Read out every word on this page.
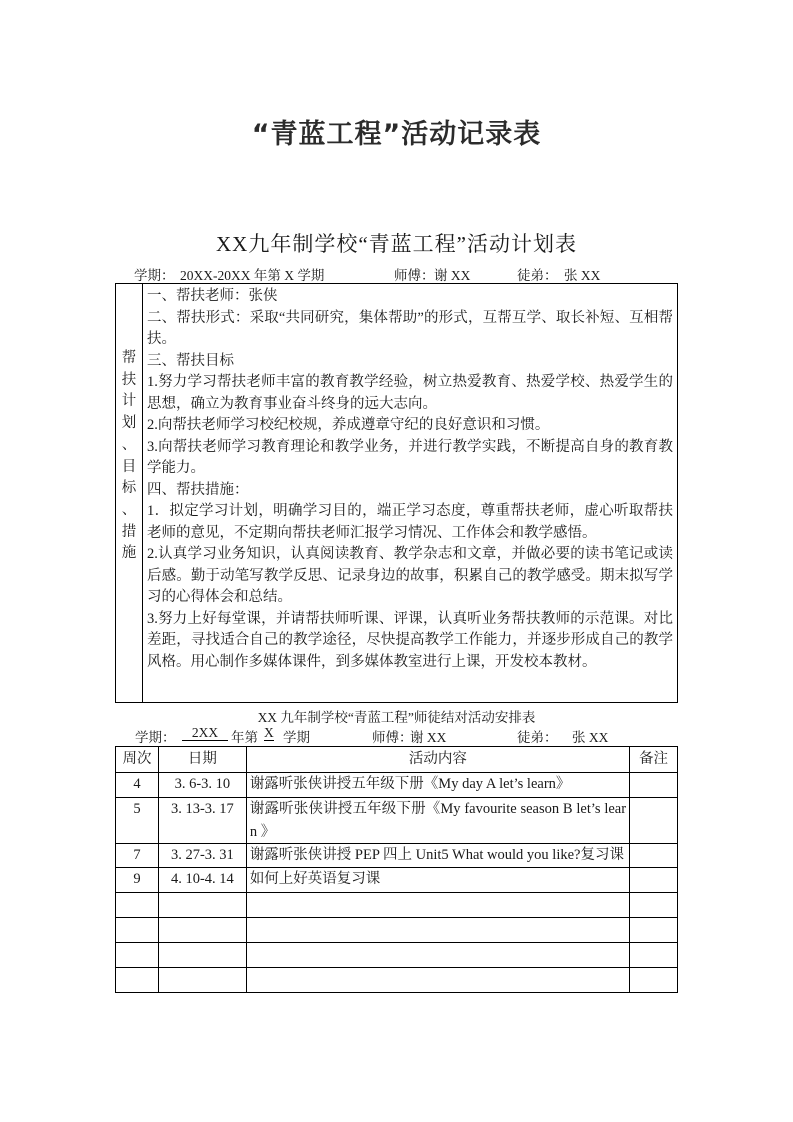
“青蓝工程”活动记录表
XX九年制学校“青蓝工程”活动计划表
学期： 20XX-20XX 年第 X 学期	师傅： 谢 XX	徒弟： 张 XX
帮
扶
计
划
、
目
标
、
措
施

一、帮扶老师：张侠

二、帮扶形式：采取“共同研究，集体帮助”的形式，互帮互学、取长补短、互相帮扶。

三、帮扶目标

1.努力学习帮扶老师丰富的教育教学经验，树立热爱教育、热爱学校、热爱学生的思想，确立为教育事业奋斗终身的远大志向。

2.向帮扶老师学习校纪校规，养成遵章守纪的良好意识和习惯。

3.向帮扶老师学习教育理论和教学业务，并进行教学实践，不断提高自身的教育教学能力。

四、帮扶措施：

1．拟定学习计划，明确学习目的，端正学习态度，尊重帮扶老师，虚心听取帮扶老师的意见，不定期向帮扶老师汇报学习情况、工作体会和教学感悟。

2.认真学习业务知识，认真阅读教育、教学杂志和文章，并做必要的读书笔记或读后感。勤于动笔写教学反思、记录身边的故事，积累自己的教学感受。期末拟写学习的心得体会和总结。

3.努力上好每堂课，并请帮扶师听课、评课，认真听业务帮扶教师的示范课。对比差距，寻找适合自己的教学途径，尽快提高教学工作能力，并逐步形成自己的教学风格。用心制作多媒体课件，到多媒体教室进行上课，开发校本教材。

XX 九年制学校“青蓝工程”师徒结对活动安排表
学期：	2XX 年第 X 学期	师傅：
谢 XX	徒弟： 张 XX
周次	日期	活动内容	备注
4	3. 6-3. 10	谢露听张侠讲授五年级下册《My day A let’s learn》	
5	3. 13-3. 17	谢露听张侠讲授五年级下册《My favourite season B let’s learn 》	
7	3. 27-3. 31	谢露听张侠讲授 PEP 四上 Unit5 What would you like?复习课	
9	4. 10-4. 14	如何上好英语复习课	
